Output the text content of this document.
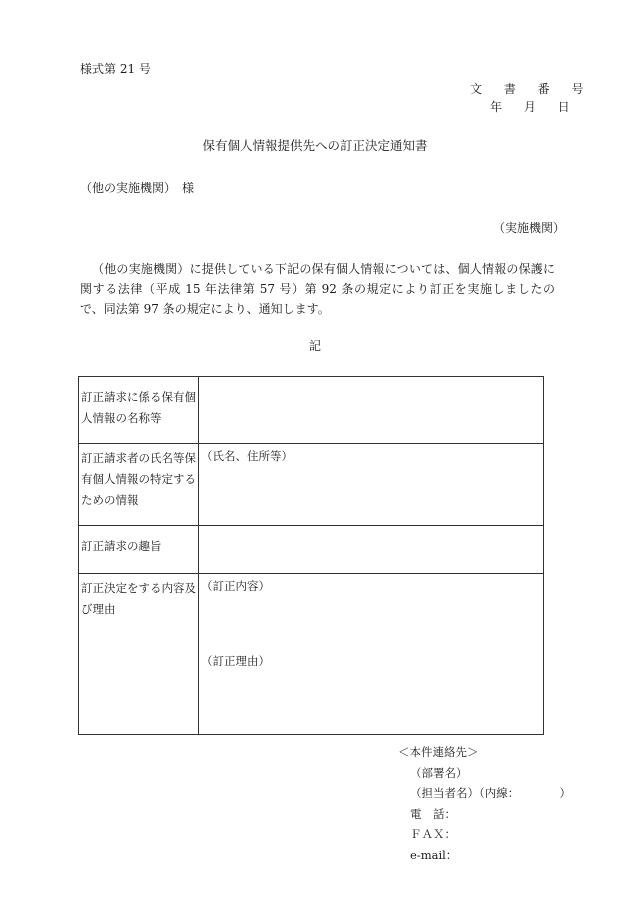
様式第 21 号
文 書 番 号
年 月 日
保有個人情報提供先への訂正決定通知書
（他の実施機関）　様
（実施機関）
（他の実施機関）に提供している下記の保有個人情報については、個人情報の保護に関する法律（平成 15 年法律第 57 号）第 92 条の規定により訂正を実施しましたので、同法第 97 条の規定により、通知します。
記
訂正請求に係る保有個人情報の名称等	
訂正請求者の氏名等保有個人情報の特定するための情報	（氏名、住所等）
訂正請求の趣旨	
訂正決定をする内容及び理由	（訂正内容）
（訂正理由）
＜本件連絡先＞
（部署名）
（担当者名）（内線：　　　　）
電　話：
ＦＡＸ：
e-mail：
